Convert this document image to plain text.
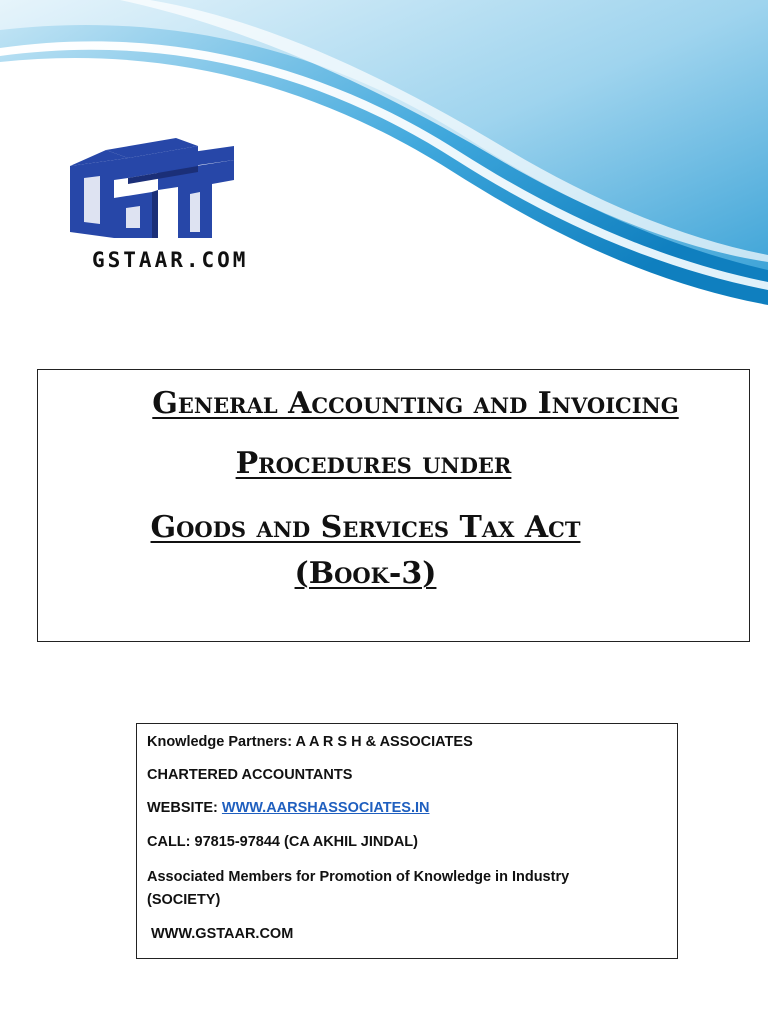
GSTAAR.COM
General Accounting and Invoicing
Procedures under
Goods and Services Tax Act
(Book-3)
Knowledge Partners: A A R S H & ASSOCIATES
CHARTERED ACCOUNTANTS
WEBSITE: WWW.AARSHASSOCIATES.IN
CALL: 97815-97844 (CA AKHIL JINDAL)
Associated Members for Promotion of Knowledge in Industry
(SOCIETY)
WWW.GSTAAR.COM
